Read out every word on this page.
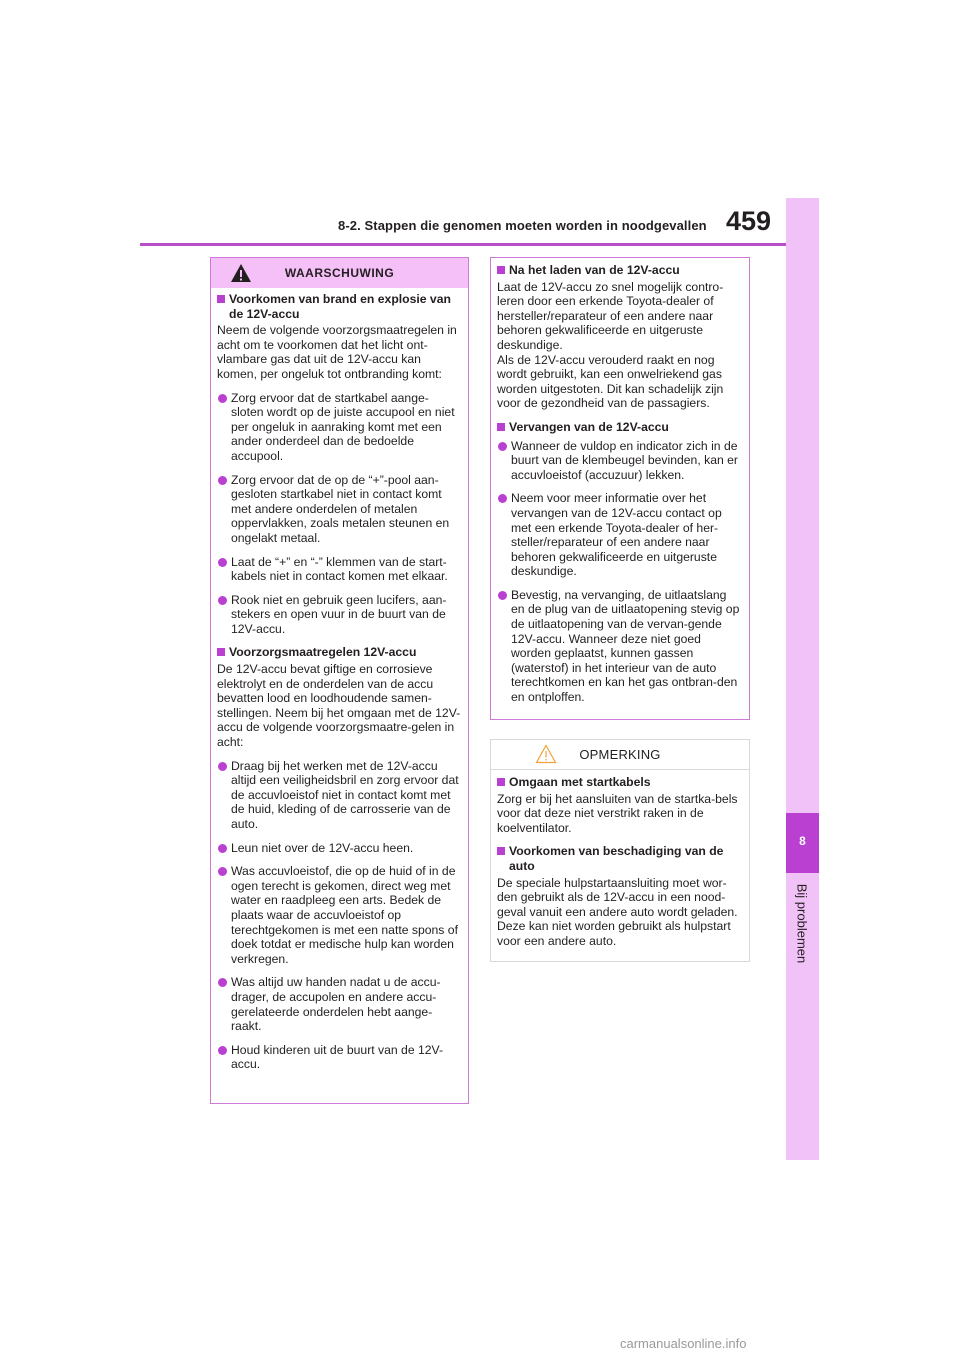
8-2. Stappen die genomen moeten worden in noodgevallen 459
8
Bij problemen
WAARSCHUWING

Voorkomen van brand en explosie van de 12V-accu

Neem de volgende voorzorgsmaatregelen in acht om te voorkomen dat het licht ont-vlambare gas dat uit de 12V-accu kan komen, per ongeluk tot ontbranding komt:

Zorg ervoor dat de startkabel aange-sloten wordt op de juiste accupool en niet per ongeluk in aanraking komt met een ander onderdeel dan de bedoelde accupool.

Zorg ervoor dat de op de “+”-pool aan-gesloten startkabel niet in contact komt met andere onderdelen of metalen oppervlakken, zoals metalen steunen en ongelakt metaal.

Laat de “+” en “-” klemmen van de start-kabels niet in contact komen met elkaar.

Rook niet en gebruik geen lucifers, aan-stekers en open vuur in de buurt van de 12V-accu.

Voorzorgsmaatregelen 12V-accu

De 12V-accu bevat giftige en corrosieve elektrolyt en de onderdelen van de accu bevatten lood en loodhoudende samen-stellingen. Neem bij het omgaan met de 12V-accu de volgende voorzorgsmaatre-gelen in acht:

Draag bij het werken met de 12V-accu altijd een veiligheidsbril en zorg ervoor dat de accuvloeistof niet in contact komt met de huid, kleding of de carrosserie van de auto.

Leun niet over de 12V-accu heen.

Was accuvloeistof, die op de huid of in de ogen terecht is gekomen, direct weg met water en raadpleeg een arts. Bedek de plaats waar de accuvloeistof op terechtgekomen is met een natte spons of doek totdat er medische hulp kan worden verkregen.

Was altijd uw handen nadat u de accu-drager, de accupolen en andere accu-gerelateerde onderdelen hebt aange-raakt.

Houd kinderen uit de buurt van de 12V-accu.

Na het laden van de 12V-accu

Laat de 12V-accu zo snel mogelijk contro-leren door een erkende Toyota-dealer of hersteller/reparateur of een andere naar behoren gekwalificeerde en uitgeruste deskundige.
Als de 12V-accu verouderd raakt en nog wordt gebruikt, kan een onwelriekend gas worden uitgestoten. Dit kan schadelijk zijn voor de gezondheid van de passagiers.

Vervangen van de 12V-accu

Wanneer de vuldop en indicator zich in de buurt van de klembeugel bevinden, kan er accuvloeistof (accuzuur) lekken.

Neem voor meer informatie over het vervangen van de 12V-accu contact op met een erkende Toyota-dealer of her-steller/reparateur of een andere naar behoren gekwalificeerde en uitgeruste deskundige.

Bevestig, na vervanging, de uitlaatslang en de plug van de uitlaatopening stevig op de uitlaatopening van de vervan-gende 12V-accu. Wanneer deze niet goed worden geplaatst, kunnen gassen (waterstof) in het interieur van de auto terechtkomen en kan het gas ontbran-den en ontploffen.

OPMERKING

Omgaan met startkabels

Zorg er bij het aansluiten van de startka-bels voor dat deze niet verstrikt raken in de koelventilator.

Voorkomen van beschadiging van de auto

De speciale hulpstartaansluiting moet wor-den gebruikt als de 12V-accu in een nood-geval vanuit een andere auto wordt geladen. Deze kan niet worden gebruikt als hulpstart voor een andere auto.

carmanualsonline.info
